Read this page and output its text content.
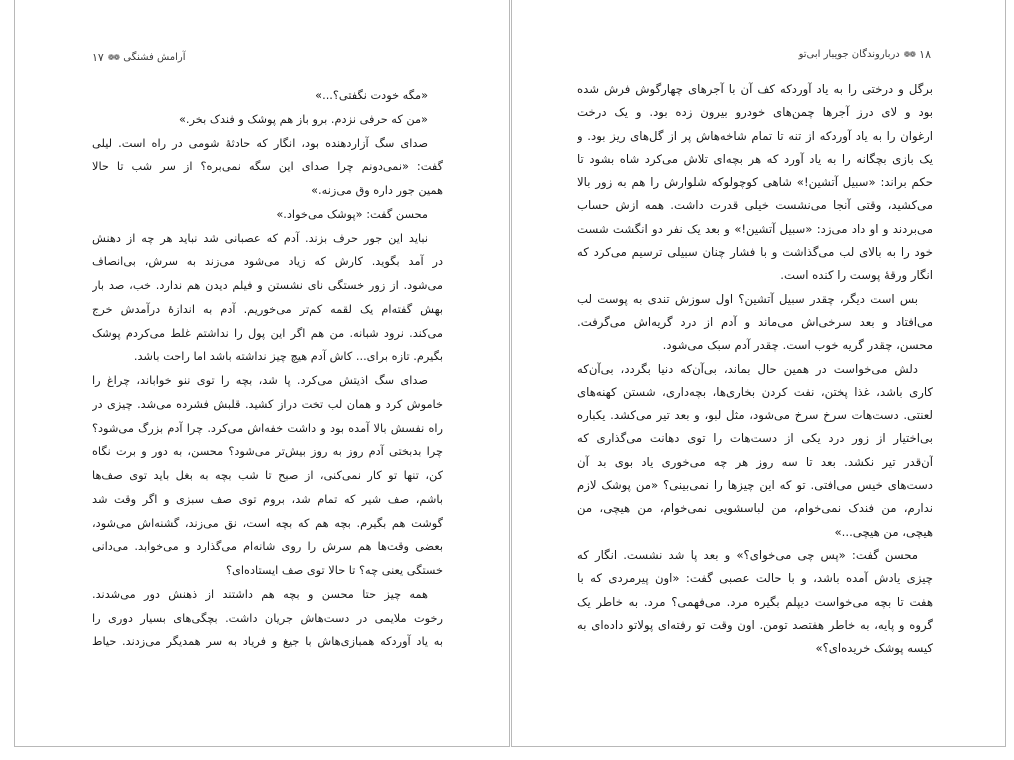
۱۷
❁❁ آرامش فشنگی
«مگه خودت نگفتی؟...»
«من که حرفی نزدم. برو باز هم پوشک و فندک بخر.»
صدای سگ آزاردهنده بود، انگار که حادثهٔ شومی در راه است. لیلی
گفت: «نمی‌دونم چرا صدای این سگه نمی‌بره؟ از سر شب تا حالا
همین جور داره وق می‌زنه.»
محسن گفت: «پوشک می‌خواد.»
نباید این جور حرف بزند. آدم که عصبانی شد نباید هر چه از دهنش
در آمد بگوید. کارش که زیاد می‌شود می‌زند به سرش، بی‌انصاف
می‌شود. از زور خستگی نای نشستن و فیلم دیدن هم ندارد. خب، صد بار
بهش گفته‌ام یک لقمه کم‌تر می‌خوریم. آدم به اندازهٔ درآمدش خرج
می‌کند. نرود شبانه. من هم اگر این پول را نداشتم غلط می‌کردم پوشک
بگیرم. تازه برای... کاش آدم هیچ چیز نداشته باشد اما راحت باشد.
صدای سگ اذیتش می‌کرد. پا شد، بچه را توی ننو خواباند، چراغ را
خاموش کرد و همان لب تخت دراز کشید. قلبش فشرده می‌شد. چیزی در
راه نفسش بالا آمده بود و داشت خفه‌اش می‌کرد. چرا آدم بزرگ می‌شود؟
چرا بدبختی آدم روز به روز بیش‌تر می‌شود؟ محسن، به دور و برت نگاه
کن، تنها تو کار نمی‌کنی، از صبح تا شب بچه به بغل باید توی صف‌ها
باشم، صف شیر که تمام شد، بروم توی صف سبزی و اگر وقت شد
گوشت هم بگیرم. بچه هم که بچه است، نق می‌زند، گشنه‌اش می‌شود،
بعضی وقت‌ها هم سرش را روی شانه‌ام می‌گذارد و می‌خوابد. می‌دانی
خستگی یعنی چه؟ تا حالا توی صف ایستاده‌ای؟
همه چیز حتا محسن و بچه هم داشتند از ذهنش دور می‌شدند.
رخوت ملایمی در دست‌هاش جریان داشت. بچگی‌های بسیار دوری را
به یاد آوردکه همبازی‌هاش با جیغ و فریاد به سر همدیگر می‌زدند. حیاط
۱۸
❁❁
درباروندگان جویبار ابی‌تو
برگل و درختی را به یاد آوردکه کف آن با آجرهای چهارگوش فرش شده
بود و لای درز آجرها چمن‌های خودرو بیرون زده بود. و یک درخت
ارغوان را به یاد آوردکه از تنه تا تمام شاخه‌هاش پر از گل‌های ریز بود. و
یک بازی بچگانه را به یاد آورد که هر بچه‌ای تلاش می‌کرد شاه بشود تا
حکم براند: «سبیل آتشین!» شاهی کوچولوکه شلوارش را هم به زور بالا
می‌کشید، وقتی آنجا می‌نشست خیلی قدرت داشت. همه ازش حساب
می‌بردند و او داد می‌زد: «سبیل آتشین!» و بعد یک نفر دو انگشت شست
خود را به بالای لب می‌گذاشت و با فشار چنان سبیلی ترسیم می‌کرد که
انگار ورقهٔ پوست را کنده است.
بس است دیگر، چقدر سبیل آتشین؟ اول سوزش تندی به پوست لب
می‌افتاد و بعد سرخی‌اش می‌ماند و آدم از درد گریه‌اش می‌گرفت.
محسن، چقدر گریه خوب است. چقدر آدم سبک می‌شود.
دلش می‌خواست در همین حال بماند، بی‌آن‌که دنیا بگردد، بی‌آن‌که
کاری باشد، غذا پختن، نفت کردن بخاری‌ها، بچه‌داری، شستن کهنه‌های
لعنتی. دست‌هات سرخ سرخ می‌شود، مثل لبو، و بعد تیر می‌کشد. یکباره
بی‌اختیار از زور درد یکی از دست‌هات را توی دهانت می‌گذاری که
آن‌قدر تیر نکشد. بعد تا سه روز هر چه می‌خوری یاد بوی بد آن
دست‌های خیس می‌افتی. تو که این چیزها را نمی‌بینی؟ «من پوشک لازم
ندارم، من فندک نمی‌خوام، من لباسشویی نمی‌خوام، من هیچی، من
هیچی، من هیچی...»
محسن گفت: «پس چی می‌خوای؟» و بعد پا شد نشست. انگار که
چیزی یادش آمده باشد، و با حالت عصبی گفت: «اون پیرمردی که با
هفت تا بچه می‌خواست دیپلم بگیره مرد. می‌فهمی؟ مرد. به خاطر یک
گروه و پایه، به خاطر هفتصد تومن. اون وقت تو رفته‌ای پولاتو داده‌ای به
کیسه پوشک خریده‌ای؟»
